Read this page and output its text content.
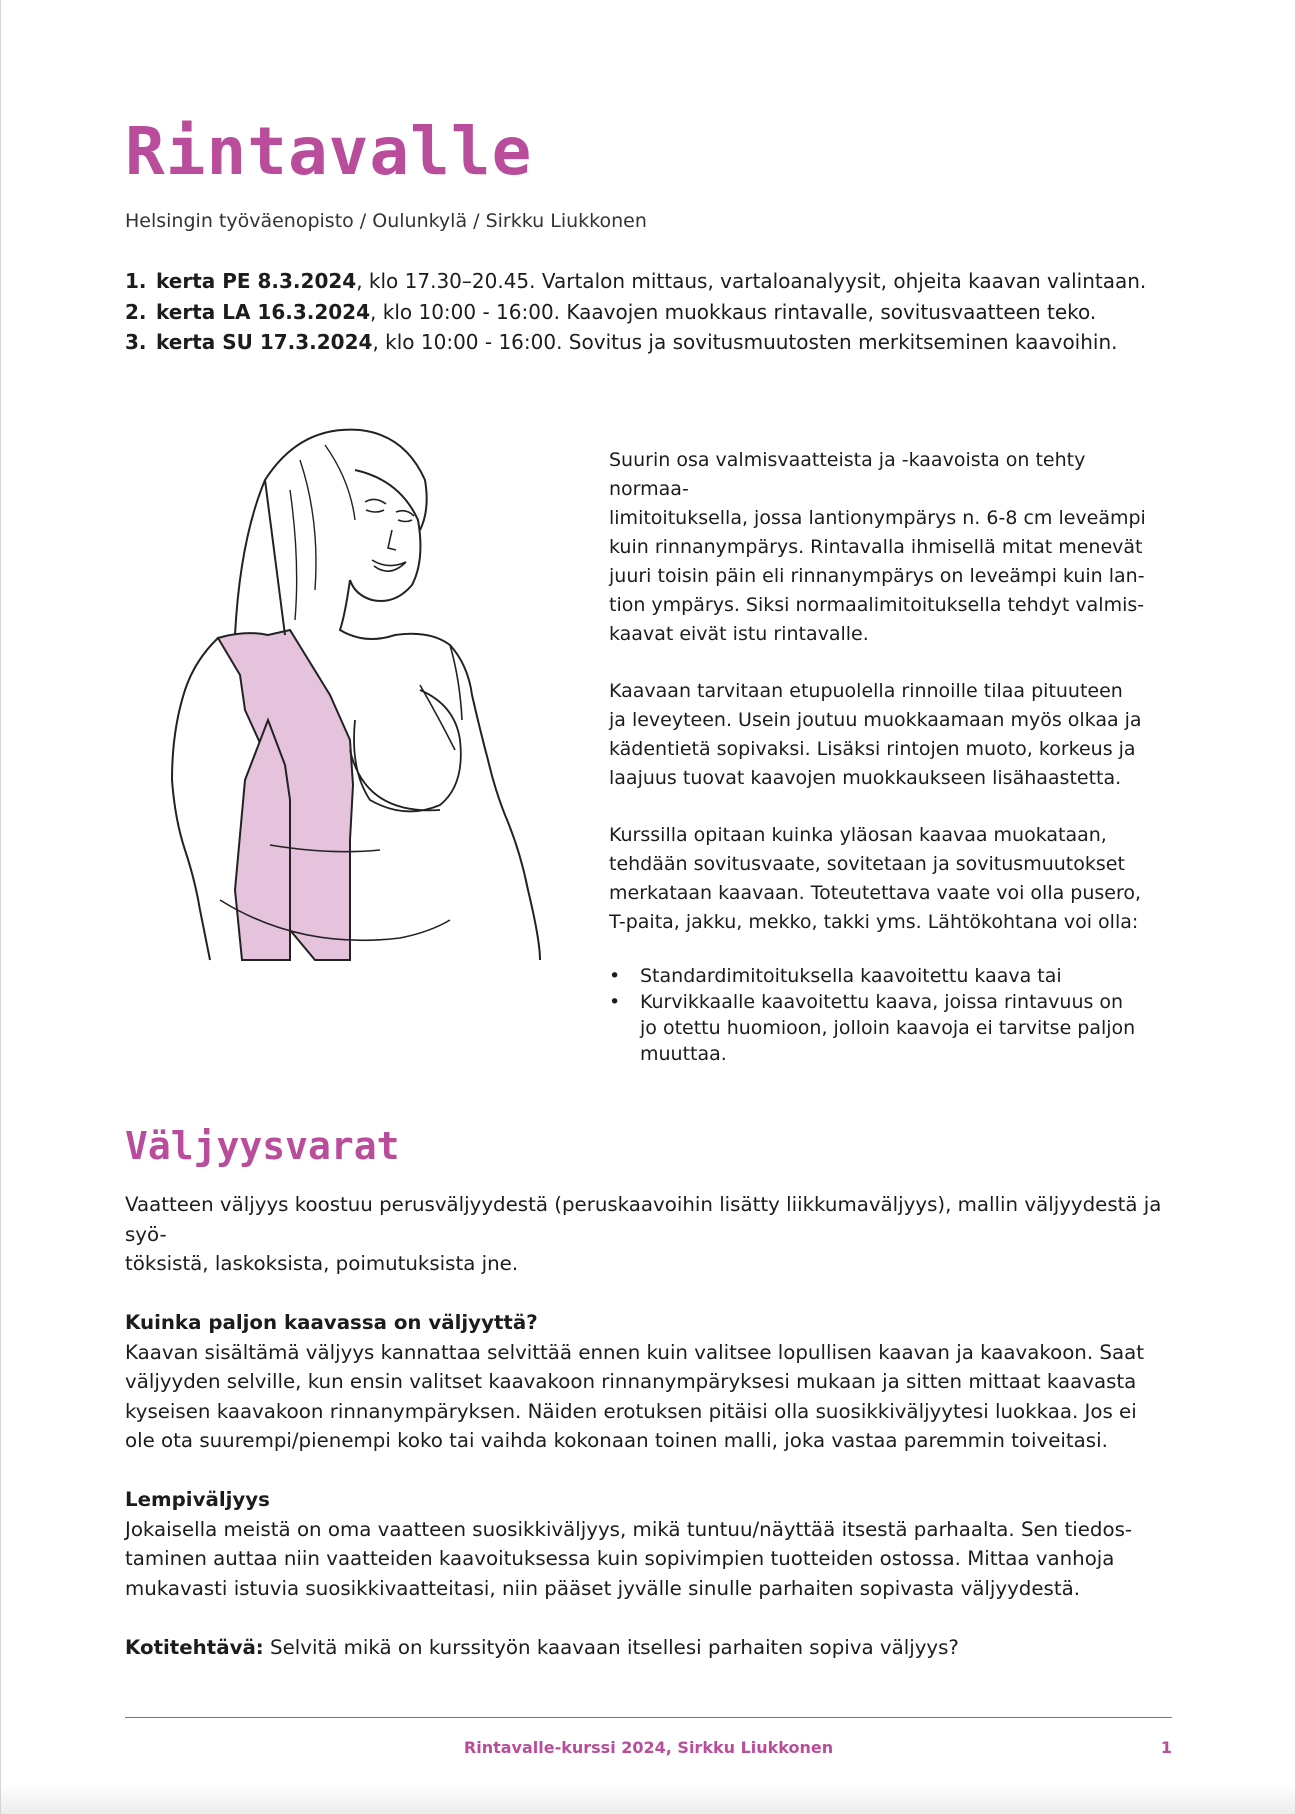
Rintavalle
Helsingin työväenopisto / Oulunkylä / Sirkku Liukkonen
1. kerta PE 8.3.2024, klo 17.30–20.45. Vartalon mittaus, vartaloanalyysit, ohjeita kaavan valintaan.
2. kerta LA 16.3.2024, klo 10:00 - 16:00. Kaavojen muokkaus rintavalle, sovitusvaatteen teko.
3. kerta SU 17.3.2024, klo 10:00 - 16:00. Sovitus ja sovitusmuutosten merkitseminen kaavoihin.

Suurin osa valmisvaatteista ja -kaavoista on tehty normaa-
limitoituksella, jossa lantionympärys n. 6-8 cm leveämpi
kuin rinnanympärys. Rintavalla ihmisellä mitat menevät
juuri toisin päin eli rinnanympärys on leveämpi kuin lan-
tion ympärys. Siksi normaalimitoituksella tehdyt valmis-
kaavat eivät istu rintavalle.

Kaavaan tarvitaan etupuolella rinnoille tilaa pituuteen
ja leveyteen. Usein joutuu muokkaamaan myös olkaa ja
kädentietä sopivaksi. Lisäksi rintojen muoto, korkeus ja
laajuus tuovat kaavojen muokkaukseen lisähaastetta.

Kurssilla opitaan kuinka yläosan kaavaa muokataan,
tehdään sovitusvaate, sovitetaan ja sovitusmuutokset
merkataan kaavaan. Toteutettava vaate voi olla pusero,
T-paita, jakku, mekko, takki yms. Lähtökohtana voi olla:

• Standardimitoituksella kaavoitettu kaava tai
• Kurvikkaalle kaavoitettu kaava, joissa rintavuus on
jo otettu huomioon, jolloin kaavoja ei tarvitse paljon
muuttaa.
Väljyysvarat

Vaatteen väljyys koostuu perusväljyydestä (peruskaavoihin lisätty liikkumaväljyys), mallin väljyydestä ja syö-
töksistä, laskoksista, poimutuksista jne.

Kuinka paljon kaavassa on väljyyttä?
Kaavan sisältämä väljyys kannattaa selvittää ennen kuin valitsee lopullisen kaavan ja kaavakoon. Saat
väljyyden selville, kun ensin valitset kaavakoon rinnanympäryksesi mukaan ja sitten mittaat kaavasta
kyseisen kaavakoon rinnanympäryksen. Näiden erotuksen pitäisi olla suosikkiväljyytesi luokkaa. Jos ei
ole ota suurempi/pienempi koko tai vaihda kokonaan toinen malli, joka vastaa paremmin toiveitasi.

Lempiväljyys
Jokaisella meistä on oma vaatteen suosikkiväljyys, mikä tuntuu/näyttää itsestä parhaalta. Sen tiedos-
taminen auttaa niin vaatteiden kaavoituksessa kuin sopivimpien tuotteiden ostossa. Mittaa vanhoja
mukavasti istuvia suosikkivaatteitasi, niin pääset jyvälle sinulle parhaiten sopivasta väljyydestä.

Kotitehtävä: Selvitä mikä on kurssityön kaavaan itsellesi parhaiten sopiva väljyys?

Rintavalle-kurssi 2024, Sirkku Liukkonen	1
